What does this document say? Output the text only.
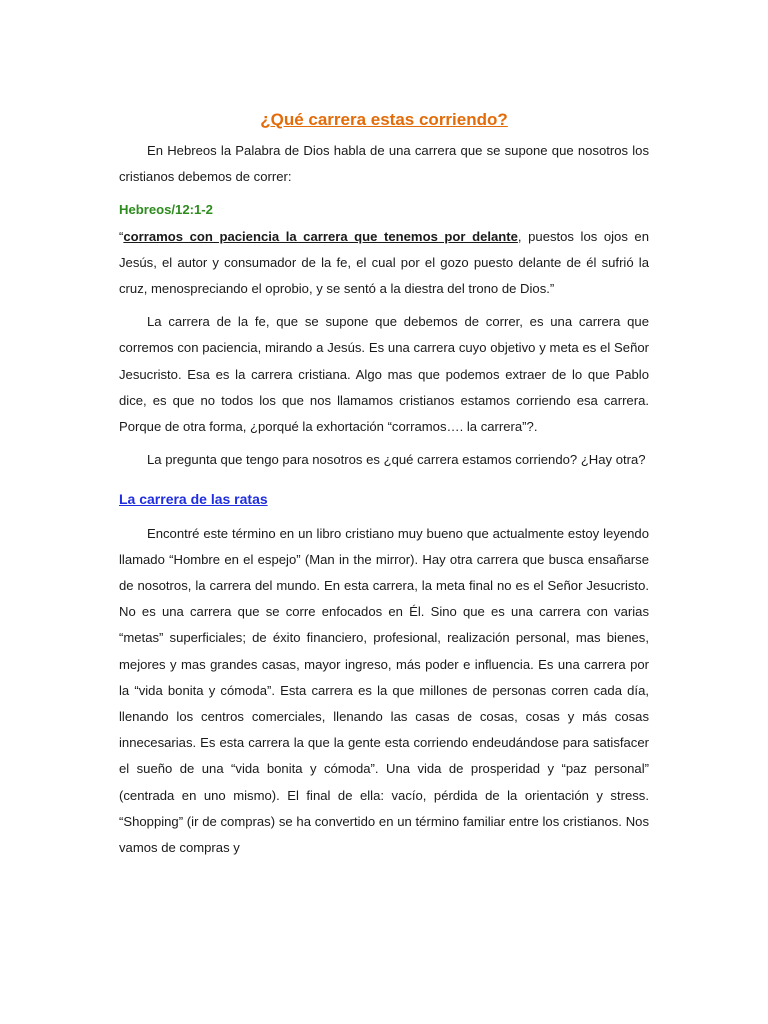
¿Qué carrera estas corriendo?

En Hebreos la Palabra de Dios habla de una carrera que se supone que nosotros los cristianos debemos de correr:

Hebreos/12:1-2

“corramos con paciencia la carrera que tenemos por delante, puestos los ojos en Jesús, el autor y consumador de la fe, el cual por el gozo puesto delante de él sufrió la cruz, menospreciando el oprobio, y se sentó a la diestra del trono de Dios.”

La carrera de la fe, que se supone que debemos de correr, es una carrera que corremos con paciencia, mirando a Jesús. Es una carrera cuyo objetivo y meta es el Señor Jesucristo. Esa es la carrera cristiana. Algo mas que podemos extraer de lo que Pablo dice, es que no todos los que nos llamamos cristianos estamos corriendo esa carrera. Porque de otra forma, ¿porqué la exhortación “corramos…. la carrera”?.

La pregunta que tengo para nosotros es ¿qué carrera estamos corriendo? ¿Hay otra?

La carrera de las ratas

Encontré este término en un libro cristiano muy bueno que actualmente estoy leyendo llamado “Hombre en el espejo” (Man in the mirror). Hay otra carrera que busca ensañarse de nosotros, la carrera del mundo. En esta carrera, la meta final no es el Señor Jesucristo. No es una carrera que se corre enfocados en Él. Sino que es una carrera con varias “metas” superficiales; de éxito financiero, profesional, realización personal, mas bienes, mejores y mas grandes casas, mayor ingreso, más poder e influencia. Es una carrera por la “vida bonita y cómoda”. Esta carrera es la que millones de personas corren cada día, llenando los centros comerciales, llenando las casas de cosas, cosas y más cosas innecesarias. Es esta carrera la que la gente esta corriendo endeudándose para satisfacer el sueño de una “vida bonita y cómoda”. Una vida de prosperidad y “paz personal” (centrada en uno mismo). El final de ella: vacío, pérdida de la orientación y stress. “Shopping” (ir de compras) se ha convertido en un término familiar entre los cristianos. Nos vamos de compras y
